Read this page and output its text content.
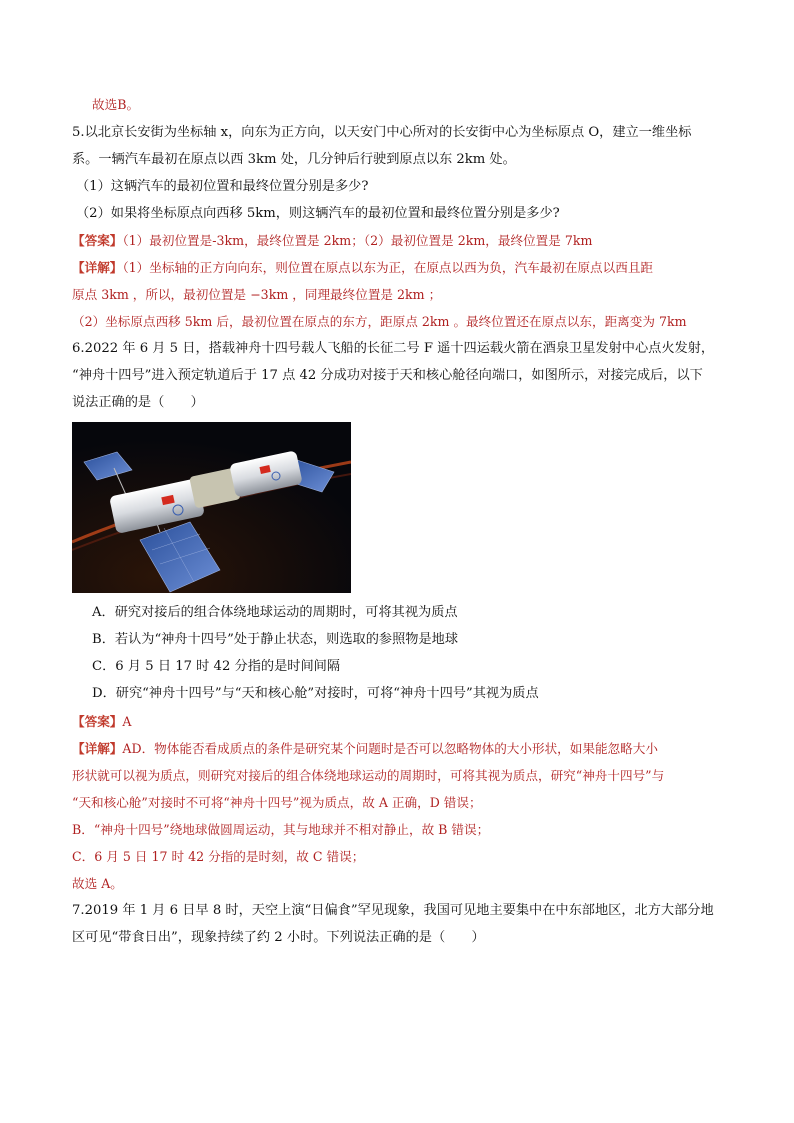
故选B。
5.以北京长安街为坐标轴 x，向东为正方向，以天安门中心所对的长安街中心为坐标原点 O，建立一维坐标
系。一辆汽车最初在原点以西 3km 处，几分钟后行驶到原点以东 2km 处。
（1）这辆汽车的最初位置和最终位置分别是多少?
（2）如果将坐标原点向西移 5km，则这辆汽车的最初位置和最终位置分别是多少?
【答案】（1）最初位置是-3km，最终位置是 2km；（2）最初位置是 2km，最终位置是 7km
【详解】（1）坐标轴的正方向向东，则位置在原点以东为正，在原点以西为负，汽车最初在原点以西且距
原点 3km ，所以，最初位置是 −3km ，同理最终位置是 2km ；
（2）坐标原点西移 5km 后，最初位置在原点的东方，距原点 2km 。最终位置还在原点以东，距离变为 7km
6.2022 年 6 月 5 日，搭载神舟十四号载人飞船的长征二号 F 遥十四运载火箭在酒泉卫星发射中心点火发射，
“神舟十四号”进入预定轨道后于 17 点 42 分成功对接于天和核心舱径向端口，如图所示，对接完成后，以下
说法正确的是（　　）
A．研究对接后的组合体绕地球运动的周期时，可将其视为质点
B．若认为“神舟十四号”处于静止状态，则选取的参照物是地球
C．6 月 5 日 17 时 42 分指的是时间间隔
D．研究“神舟十四号”与“天和核心舱”对接时，可将“神舟十四号”其视为质点
【答案】A
【详解】AD．物体能否看成质点的条件是研究某个问题时是否可以忽略物体的大小形状，如果能忽略大小
形状就可以视为质点，则研究对接后的组合体绕地球运动的周期时，可将其视为质点，研究“神舟十四号”与
“天和核心舱”对接时不可将“神舟十四号”视为质点，故 A 正确，D 错误；
B．“神舟十四号”绕地球做圆周运动，其与地球并不相对静止，故 B 错误；
C．6 月 5 日 17 时 42 分指的是时刻，故 C 错误；
故选 A。
7.2019 年 1 月 6 日早 8 时，天空上演“日偏食”罕见现象，我国可见地主要集中在中东部地区，北方大部分地
区可见“带食日出”，现象持续了约 2 小时。下列说法正确的是（　　）
